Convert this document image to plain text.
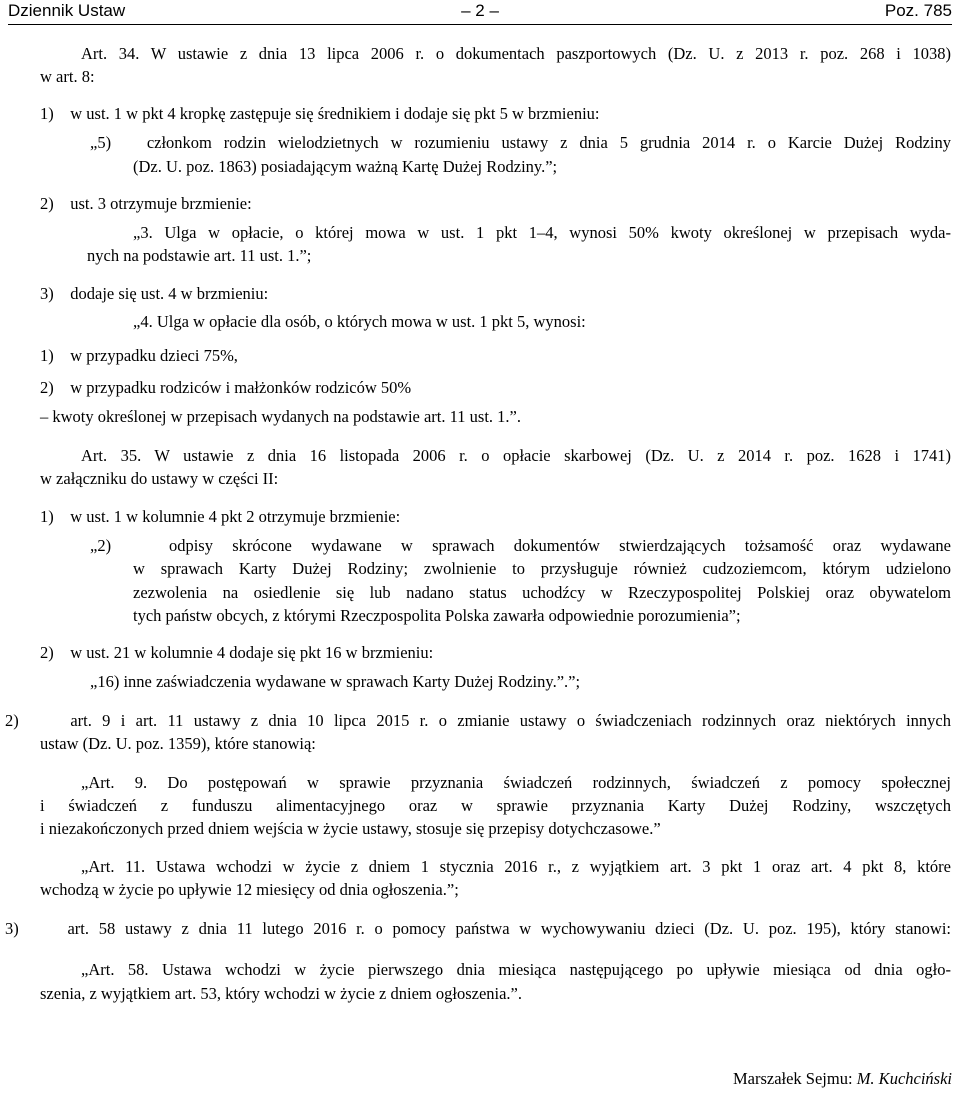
Dziennik Ustaw	– 2 –	Poz. 785
Art. 34. W ustawie z dnia 13 lipca 2006 r. o dokumentach paszportowych (Dz. U. z 2013 r. poz. 268 i 1038)
w art. 8:
1)    w ust. 1 w pkt 4 kropkę zastępuje się średnikiem i dodaje się pkt 5 w brzmieniu:
„5)   członkom rodzin wielodzietnych w rozumieniu ustawy z dnia 5 grudnia 2014 r. o Karcie Dużej Rodziny
(Dz. U. poz. 1863) posiadającym ważną Kartę Dużej Rodziny.”;
2)    ust. 3 otrzymuje brzmienie:
„3. Ulga w opłacie, o której mowa w ust. 1 pkt 1–4, wynosi 50% kwoty określonej w przepisach wyda-
nych na podstawie art. 11 ust. 1.”;
3)    dodaje się ust. 4 w brzmieniu:
„4. Ulga w opłacie dla osób, o których mowa w ust. 1 pkt 5, wynosi:
1)    w przypadku dzieci 75%,
2)    w przypadku rodziców i małżonków rodziców 50%
– kwoty określonej w przepisach wydanych na podstawie art. 11 ust. 1.”.
Art. 35. W ustawie z dnia 16 listopada 2006 r. o opłacie skarbowej (Dz. U. z 2014 r. poz. 1628 i 1741)
w załączniku do ustawy w części II:
1)    w ust. 1 w kolumnie 4 pkt 2 otrzymuje brzmienie:
„2)   odpisy skrócone wydawane w sprawach dokumentów stwierdzających tożsamość oraz wydawane
w sprawach Karty Dużej Rodziny; zwolnienie to przysługuje również cudzoziemcom, którym udzielono
zezwolenia na osiedlenie się lub nadano status uchodźcy w Rzeczypospolitej Polskiej oraz obywatelom
tych państw obcych, z którymi Rzeczpospolita Polska zawarła odpowiednie porozumienia”;
2)    w ust. 21 w kolumnie 4 dodaje się pkt 16 w brzmieniu:
„16) inne zaświadczenia wydawane w sprawach Karty Dużej Rodziny.”.”;
2)     art. 9 i art. 11 ustawy z dnia 10 lipca 2015 r. o zmianie ustawy o świadczeniach rodzinnych oraz niektórych innych
ustaw (Dz. U. poz. 1359), które stanowią:
„Art. 9. Do postępowań w sprawie przyznania świadczeń rodzinnych, świadczeń z pomocy społecznej
i świadczeń z funduszu alimentacyjnego oraz w sprawie przyznania Karty Dużej Rodziny, wszczętych
i niezakończonych przed dniem wejścia w życie ustawy, stosuje się przepisy dotychczasowe.”
„Art. 11. Ustawa wchodzi w życie z dniem 1 stycznia 2016 r., z wyjątkiem art. 3 pkt 1 oraz art. 4 pkt 8, które
wchodzą w życie po upływie 12 miesięcy od dnia ogłoszenia.”;
3)     art. 58 ustawy z dnia 11 lutego 2016 r. o pomocy państwa w wychowywaniu dzieci (Dz. U. poz. 195), który stanowi:
„Art. 58. Ustawa wchodzi w życie pierwszego dnia miesiąca następującego po upływie miesiąca od dnia ogło-
szenia, z wyjątkiem art. 53, który wchodzi w życie z dniem ogłoszenia.”.
Marszałek Sejmu: M. Kuchciński
